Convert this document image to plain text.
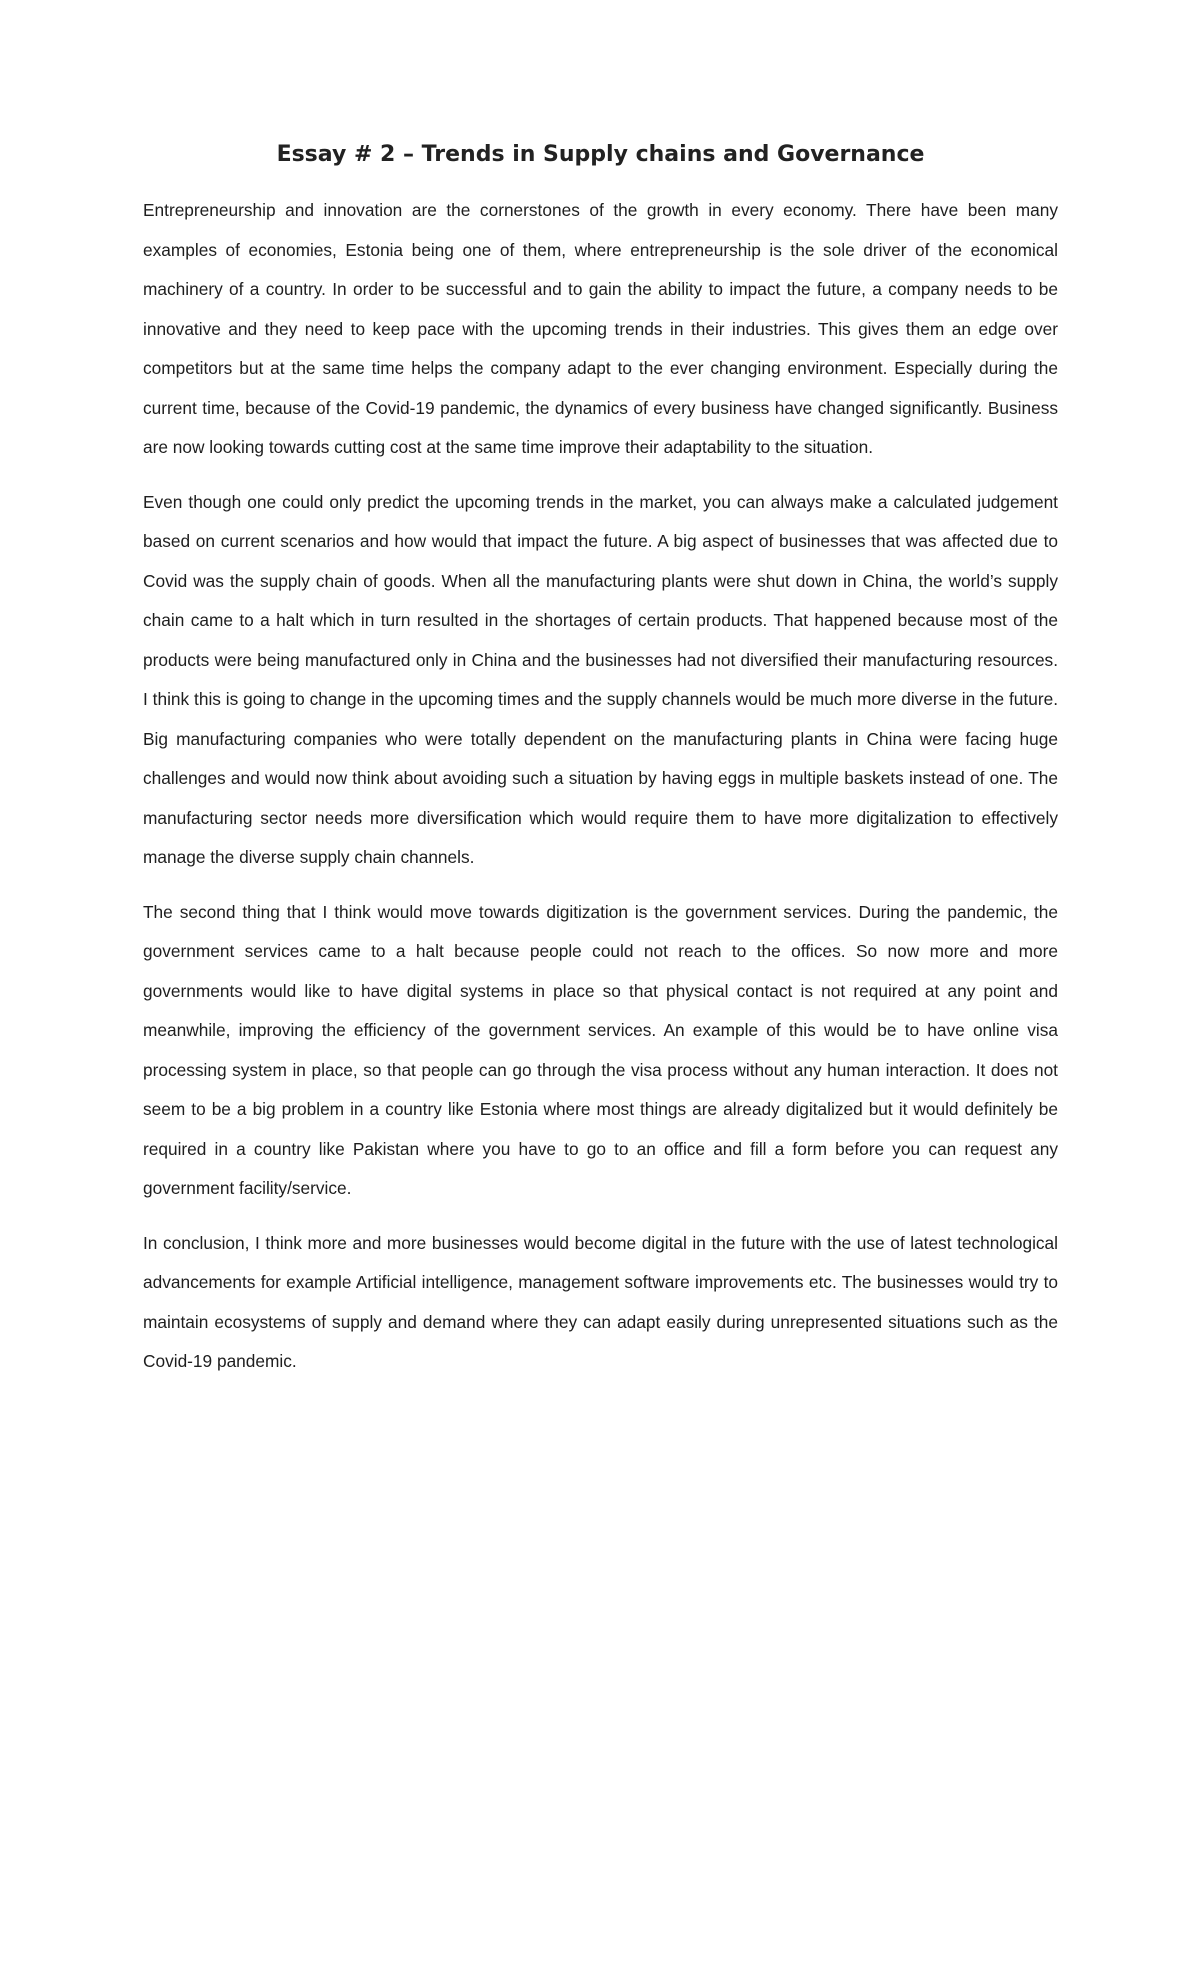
Essay # 2 – Trends in Supply chains and Governance

Entrepreneurship and innovation are the cornerstones of the growth in every economy. There have been many examples of economies, Estonia being one of them, where entrepreneurship is the sole driver of the economical machinery of a country. In order to be successful and to gain the ability to impact the future, a company needs to be innovative and they need to keep pace with the upcoming trends in their industries. This gives them an edge over competitors but at the same time helps the company adapt to the ever changing environment. Especially during the current time, because of the Covid-19 pandemic, the dynamics of every business have changed significantly. Business are now looking towards cutting cost at the same time improve their adaptability to the situation.

Even though one could only predict the upcoming trends in the market, you can always make a calculated judgement based on current scenarios and how would that impact the future. A big aspect of businesses that was affected due to Covid was the supply chain of goods. When all the manufacturing plants were shut down in China, the world’s supply chain came to a halt which in turn resulted in the shortages of certain products. That happened because most of the products were being manufactured only in China and the businesses had not diversified their manufacturing resources. I think this is going to change in the upcoming times and the supply channels would be much more diverse in the future. Big manufacturing companies who were totally dependent on the manufacturing plants in China were facing huge challenges and would now think about avoiding such a situation by having eggs in multiple baskets instead of one. The manufacturing sector needs more diversification which would require them to have more digitalization to effectively manage the diverse supply chain channels.

The second thing that I think would move towards digitization is the government services. During the pandemic, the government services came to a halt because people could not reach to the offices. So now more and more governments would like to have digital systems in place so that physical contact is not required at any point and meanwhile, improving the efficiency of the government services. An example of this would be to have online visa processing system in place, so that people can go through the visa process without any human interaction. It does not seem to be a big problem in a country like Estonia where most things are already digitalized but it would definitely be required in a country like Pakistan where you have to go to an office and fill a form before you can request any government facility/service.

In conclusion, I think more and more businesses would become digital in the future with the use of latest technological advancements for example Artificial intelligence, management software improvements etc. The businesses would try to maintain ecosystems of supply and demand where they can adapt easily during unrepresented situations such as the Covid-19 pandemic.
